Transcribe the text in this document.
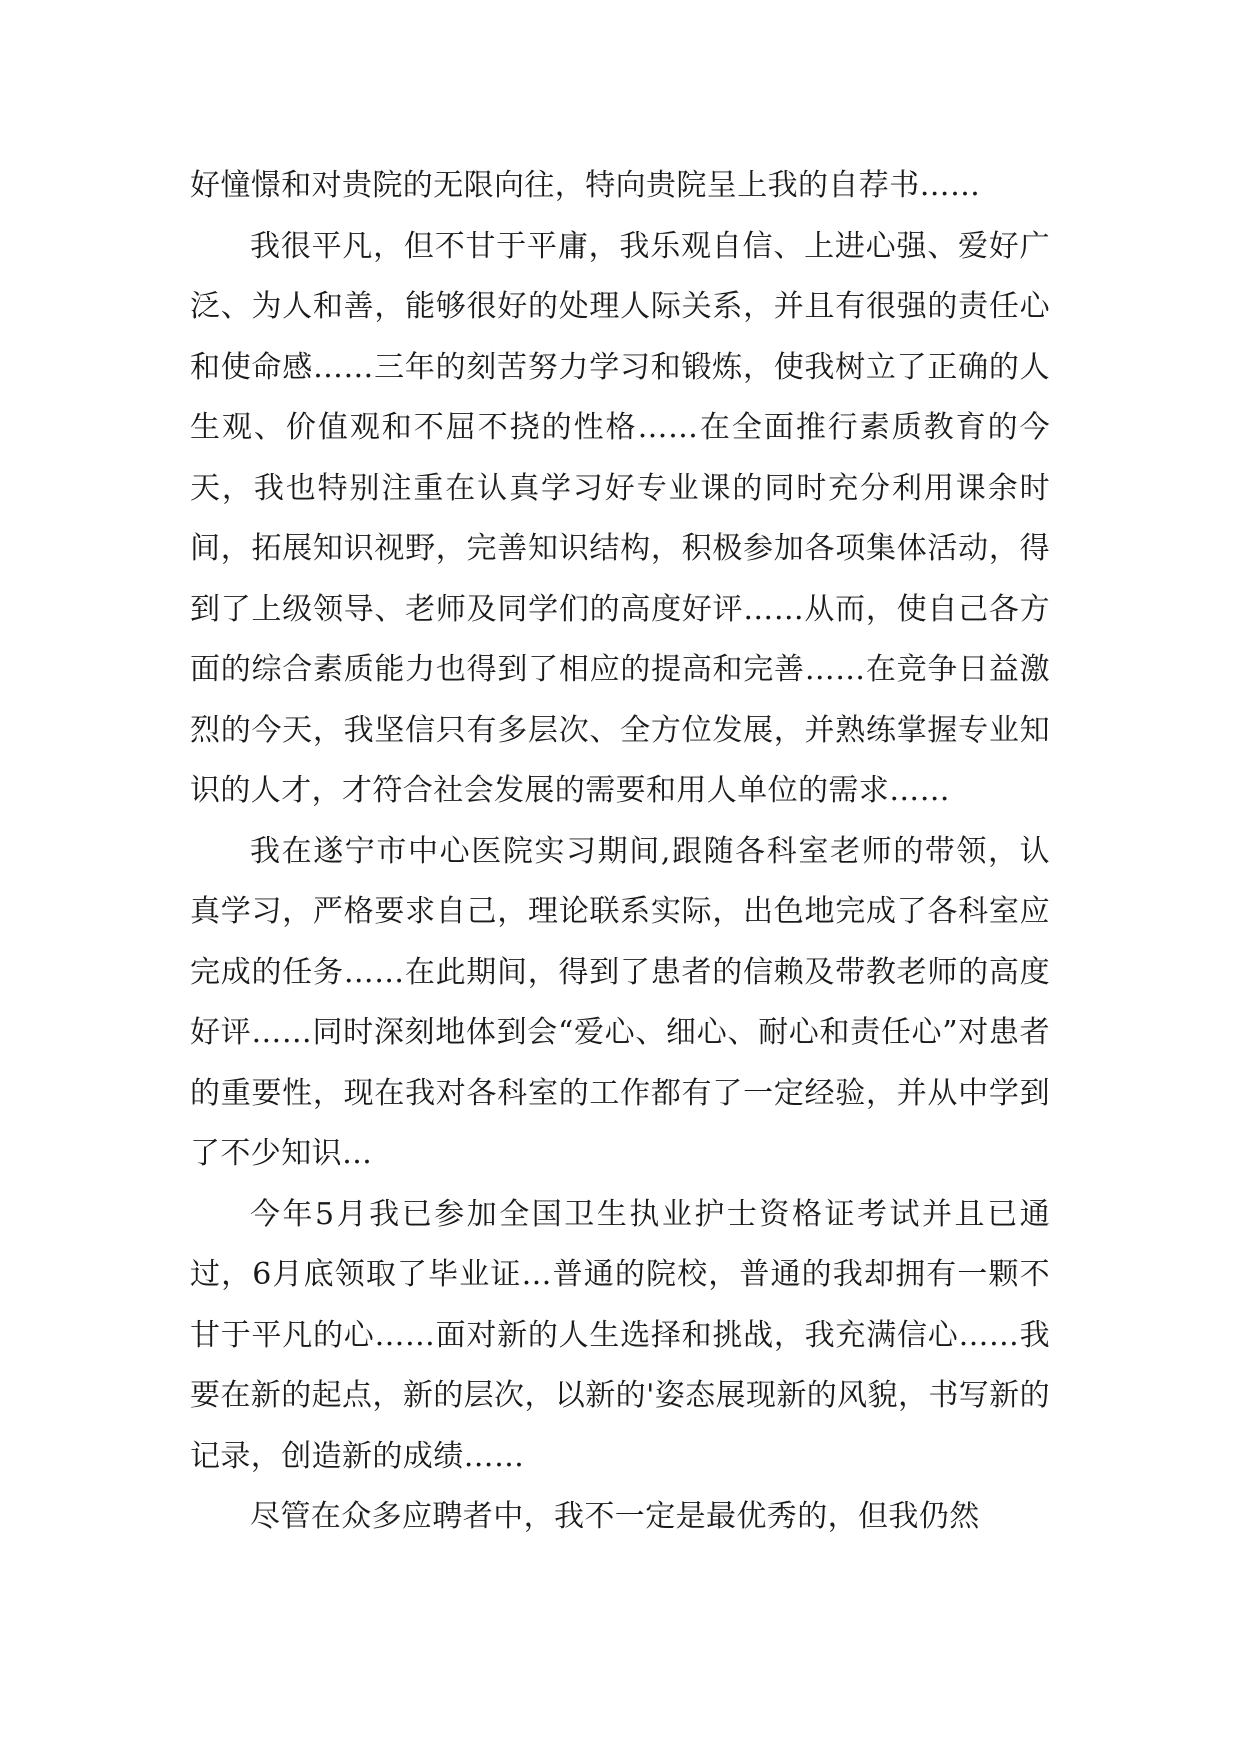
好憧憬和对贵院的无限向往，特向贵院呈上我的自荐书……

我很平凡，但不甘于平庸，我乐观自信、上进心强、爱好广泛、为人和善，能够很好的处理人际关系，并且有很强的责任心和使命感……三年的刻苦努力学习和锻炼，使我树立了正确的人生观、价值观和不屈不挠的性格……在全面推行素质教育的今天，我也特别注重在认真学习好专业课的同时充分利用课余时间，拓展知识视野，完善知识结构，积极参加各项集体活动，得到了上级领导、老师及同学们的高度好评……从而，使自己各方面的综合素质能力也得到了相应的提高和完善……在竞争日益激烈的今天，我坚信只有多层次、全方位发展，并熟练掌握专业知识的人才，才符合社会发展的需要和用人单位的需求……

我在遂宁市中心医院实习期间,跟随各科室老师的带领，认真学习，严格要求自己，理论联系实际，出色地完成了各科室应完成的任务……在此期间，得到了患者的信赖及带教老师的高度好评……同时深刻地体到会“爱心、细心、耐心和责任心”对患者的重要性，现在我对各科室的工作都有了一定经验，并从中学到了不少知识…

今年5月我已参加全国卫生执业护士资格证考试并且已通过，6月底领取了毕业证…普通的院校，普通的我却拥有一颗不甘于平凡的心……面对新的人生选择和挑战，我充满信心……我要在新的起点，新的层次，以新的'姿态展现新的风貌，书写新的记录，创造新的成绩……

尽管在众多应聘者中，我不一定是最优秀的，但我仍然
